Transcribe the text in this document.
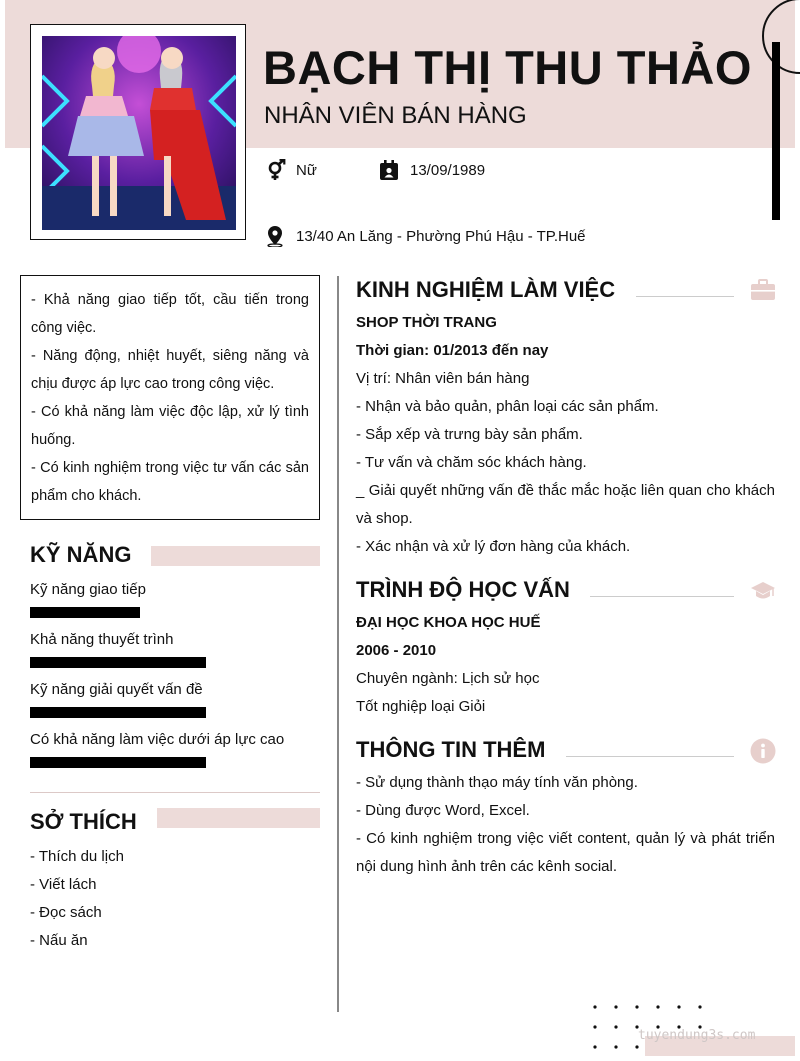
BẠCH THỊ THU THẢO
NHÂN VIÊN BÁN HÀNG
Nữ	13/09/1989
13/40 An Lăng - Phường Phú Hậu - TP.Huế

- Khả năng giao tiếp tốt, cầu tiến trong công việc.

- Năng động, nhiệt huyết, siêng năng và chịu được áp lực cao trong công việc.

- Có khả năng làm việc độc lập, xử lý tình huống.

- Có kinh nghiệm trong việc tư vấn các sản phẩm cho khách.

KỸ NĂNG
Kỹ năng giao tiếp
Khả năng thuyết trình
Kỹ năng giải quyết vấn đề
Có khả năng làm việc dưới áp lực cao
SỞ THÍCH
- Thích du lịch
- Viết lách
- Đọc sách
- Nấu ăn
KINH NGHIỆM LÀM VIỆC

SHOP THỜI TRANG

Thời gian: 01/2013 đến nay

Vị trí: Nhân viên bán hàng

- Nhận và bảo quản, phân loại các sản phẩm.

- Sắp xếp và trưng bày sản phẩm.

- Tư vấn và chăm sóc khách hàng.

_ Giải quyết những vấn đề thắc mắc hoặc liên quan cho khách và shop.

- Xác nhận và xử lý đơn hàng của khách.

TRÌNH ĐỘ HỌC VẤN

ĐẠI HỌC KHOA HỌC HUẾ

2006 - 2010

Chuyên ngành: Lịch sử học

Tốt nghiệp loại Giỏi

THÔNG TIN THÊM

- Sử dụng thành thạo máy tính văn phòng.

- Dùng được Word, Excel.

- Có kinh nghiệm trong việc viết content, quản lý và phát triển nội dung hình ảnh trên các kênh social.

tuyendung3s.com
